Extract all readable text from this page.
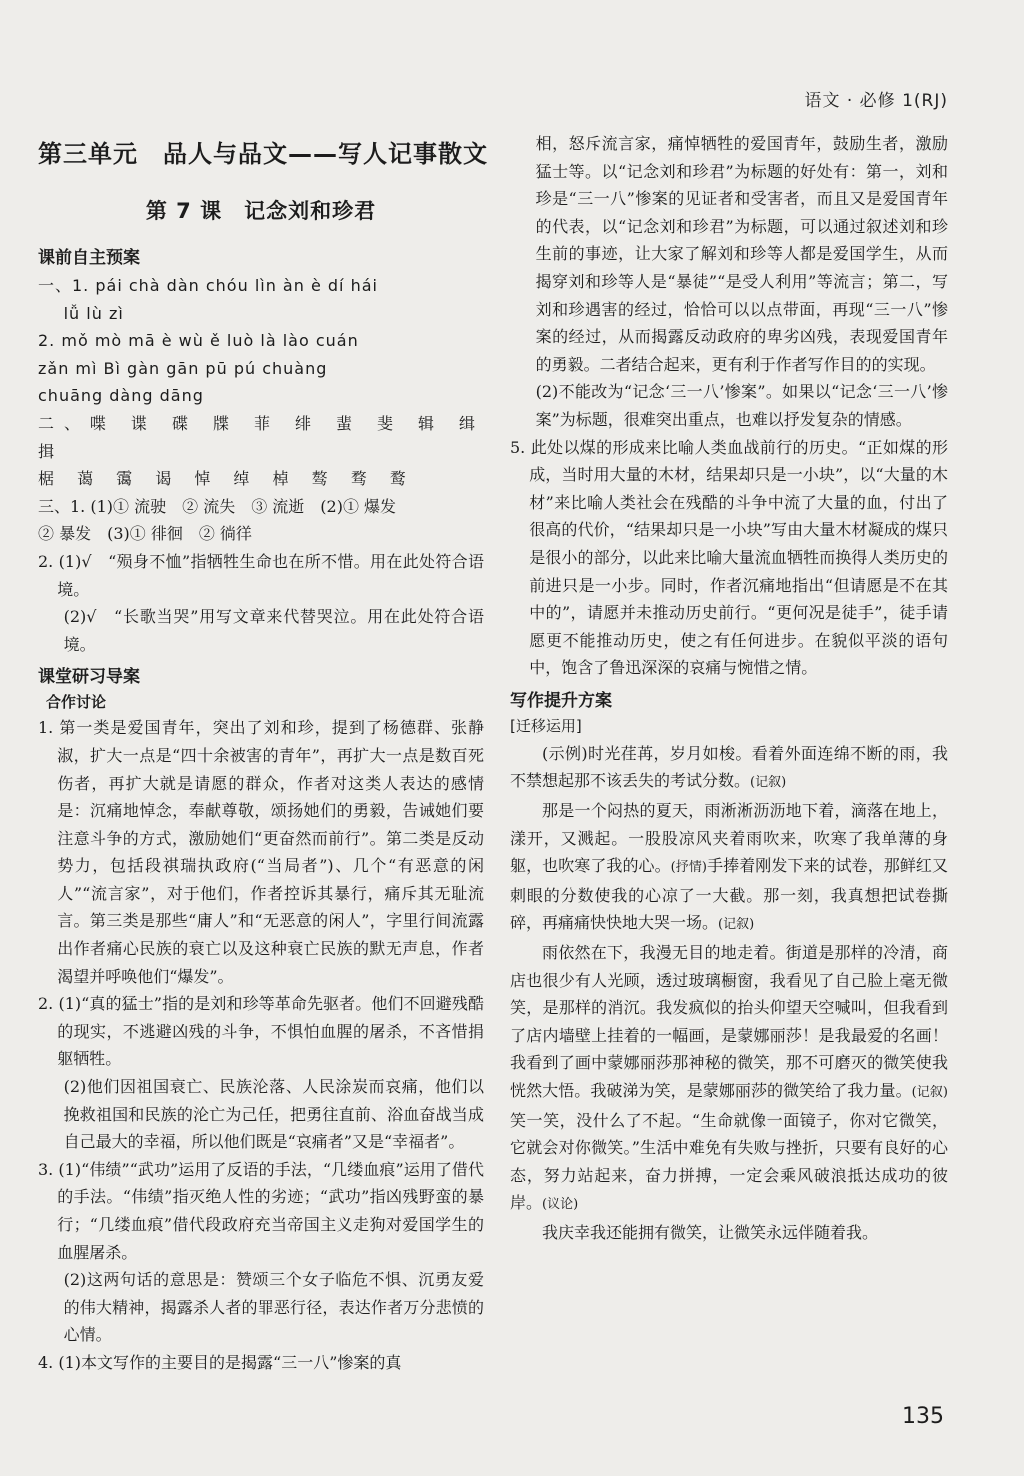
语文 · 必修 1(RJ)
第三单元　品人与品文——写人记事散文
第 7 课　记念刘和珍君
课前自主预案

一、1. pái chà dàn chóu lìn àn è dí hái

lǚ lù zì

2. mǒ mò mā è wù ě luò là lào cuán

zǎn mì Bì gàn gān pū pú chuàng

chuāng dàng dāng

二、喋 谍 碟 牒 菲 绯 蜚 斐 辑 缉 揖

椐 蔼 霭 谒 悼 绰 棹 骜 骛 鹜

三、1. (1)① 流驶　② 流失　③ 流逝　(2)① 爆发

② 暴发　(3)① 徘徊　② 徜徉

2. (1)√　“殒身不恤”指牺牲生命也在所不惜。用在此处符合语境。

(2)√　“长歌当哭”用写文章来代替哭泣。用在此处符合语境。

课堂研习导案
合作讨论

1. 第一类是爱国青年，突出了刘和珍，提到了杨德群、张静淑，扩大一点是“四十余被害的青年”，再扩大一点是数百死伤者，再扩大就是请愿的群众，作者对这类人表达的感情是：沉痛地悼念，奉献尊敬，颂扬她们的勇毅，告诫她们要注意斗争的方式，激励她们“更奋然而前行”。第二类是反动势力，包括段祺瑞执政府(“当局者”)、几个“有恶意的闲人”“流言家”，对于他们，作者控诉其暴行，痛斥其无耻流言。第三类是那些“庸人”和“无恶意的闲人”，字里行间流露出作者痛心民族的衰亡以及这种衰亡民族的默无声息，作者渴望并呼唤他们“爆发”。

2. (1)“真的猛士”指的是刘和珍等革命先驱者。他们不回避残酷的现实，不逃避凶残的斗争，不惧怕血腥的屠杀，不吝惜捐躯牺牲。

(2)他们因祖国衰亡、民族沦落、人民涂炭而哀痛，他们以挽救祖国和民族的沦亡为己任，把勇往直前、浴血奋战当成自己最大的幸福，所以他们既是“哀痛者”又是“幸福者”。

3. (1)“伟绩”“武功”运用了反语的手法，“几缕血痕”运用了借代的手法。“伟绩”指灭绝人性的劣迹；“武功”指凶残野蛮的暴行；“几缕血痕”借代段政府充当帝国主义走狗对爱国学生的血腥屠杀。

(2)这两句话的意思是：赞颂三个女子临危不惧、沉勇友爱的伟大精神，揭露杀人者的罪恶行径，表达作者万分悲愤的心情。

4. (1)本文写作的主要目的是揭露“三一八”惨案的真

相，怒斥流言家，痛悼牺牲的爱国青年，鼓励生者，激励猛士等。以“记念刘和珍君”为标题的好处有：第一，刘和珍是“三一八”惨案的见证者和受害者，而且又是爱国青年的代表，以“记念刘和珍君”为标题，可以通过叙述刘和珍生前的事迹，让大家了解刘和珍等人都是爱国学生，从而揭穿刘和珍等人是“暴徒”“是受人利用”等流言；第二，写刘和珍遇害的经过，恰恰可以以点带面，再现“三一八”惨案的经过，从而揭露反动政府的卑劣凶残，表现爱国青年的勇毅。二者结合起来，更有利于作者写作目的的实现。

(2)不能改为“记念‘三一八’惨案”。如果以“记念‘三一八’惨案”为标题，很难突出重点，也难以抒发复杂的情感。

5. 此处以煤的形成来比喻人类血战前行的历史。“正如煤的形成，当时用大量的木材，结果却只是一小块”，以“大量的木材”来比喻人类社会在残酷的斗争中流了大量的血，付出了很高的代价，“结果却只是一小块”写由大量木材凝成的煤只是很小的部分，以此来比喻大量流血牺牲而换得人类历史的前进只是一小步。同时，作者沉痛地指出“但请愿是不在其中的”，请愿并未推动历史前行。“更何况是徒手”，徒手请愿更不能推动历史，使之有任何进步。在貌似平淡的语句中，饱含了鲁迅深深的哀痛与惋惜之情。

写作提升方案
[迁移运用]

(示例)时光荏苒，岁月如梭。看着外面连绵不断的雨，我不禁想起那不该丢失的考试分数。(记叙)

那是一个闷热的夏天，雨淅淅沥沥地下着，滴落在地上，漾开，又溅起。一股股凉风夹着雨吹来，吹寒了我单薄的身躯，也吹寒了我的心。(抒情)手捧着刚发下来的试卷，那鲜红又刺眼的分数使我的心凉了一大截。那一刻，我真想把试卷撕碎，再痛痛快快地大哭一场。(记叙)

雨依然在下，我漫无目的地走着。街道是那样的冷清，商店也很少有人光顾，透过玻璃橱窗，我看见了自己脸上毫无微笑，是那样的消沉。我发疯似的抬头仰望天空喊叫，但我看到了店内墙壁上挂着的一幅画，是蒙娜丽莎！是我最爱的名画！我看到了画中蒙娜丽莎那神秘的微笑，那不可磨灭的微笑使我恍然大悟。我破涕为笑，是蒙娜丽莎的微笑给了我力量。(记叙)笑一笑，没什么了不起。“生命就像一面镜子，你对它微笑，它就会对你微笑。”生活中难免有失败与挫折，只要有良好的心态，努力站起来，奋力拼搏，一定会乘风破浪抵达成功的彼岸。(议论)

我庆幸我还能拥有微笑，让微笑永远伴随着我。

135
